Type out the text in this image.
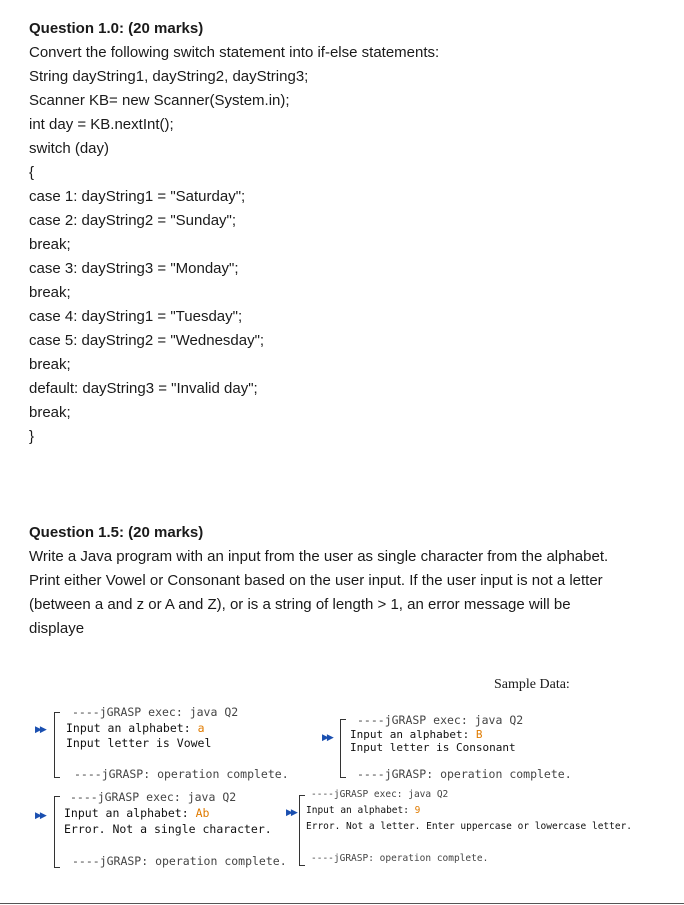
Question 1.0: (20 marks)
Convert the following switch statement into if-else statements:
String dayString1, dayString2, dayString3;
Scanner KB= new Scanner(System.in);
int day = KB.nextInt();
switch (day)
{
case 1: dayString1 = "Saturday";
case 2: dayString2 = "Sunday";
break;
case 3: dayString3 = "Monday";
break;
case 4: dayString1 = "Tuesday";
case 5: dayString2 = "Wednesday";
break;
default: dayString3 = "Invalid day";
break;
}
Question 1.5: (20 marks)
Write a Java program with an input from the user as single character from the alphabet.
Print either Vowel or Consonant based on the user input. If the user input is not a letter
(between a and z or A and Z), or is a string of length > 1, an error message will be
displaye
Sample Data:
▶▶
----jGRASP exec: java Q2
Input an alphabet: a
Input letter is Vowel
----jGRASP: operation complete.
▶▶
----jGRASP exec: java Q2
Input an alphabet: B
Input letter is Consonant
----jGRASP: operation complete.
▶▶
----jGRASP exec: java Q2
Input an alphabet: Ab
Error. Not a single character.
----jGRASP: operation complete.
▶▶
----jGRASP exec: java Q2
Input an alphabet: 9
Error. Not a letter. Enter uppercase or lowercase letter.
----jGRASP: operation complete.
